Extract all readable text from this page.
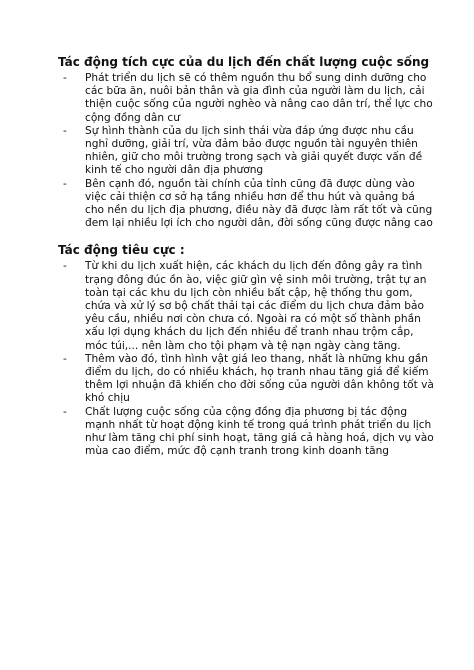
Tác động tích cực của du lịch đến chất lượng cuộc sống
- Phát triển du lịch sẽ có thêm nguồn thu bổ sung dinh dưỡng cho các bữa ăn, nuôi bản thân và gia đình của người làm du lịch, cải thiện cuộc sống của người nghèo và nâng cao dân trí, thể lực cho cộng đồng dân cư
- Sự hình thành của du lịch sinh thái vừa đáp ứng được nhu cầu nghỉ dưỡng, giải trí, vừa đảm bảo được nguồn tài nguyên thiên nhiên, giữ cho môi trường trong sạch và giải quyết được vấn đề kinh tế cho người dân địa phương
- Bên cạnh đó, nguồn tài chính của tỉnh cũng đã được dùng vào việc cải thiện cơ sở hạ tầng nhiều hơn để thu hút và quảng bá cho nền du lịch địa phương, điều này đã được làm rất tốt và cũng đem lại nhiều lợi ích cho người dân, đời sống cũng được nâng cao
Tác động tiêu cực :
- Từ khi du lịch xuất hiện, các khách du lịch đến đông gây ra tình trạng đông đúc ồn ào, việc giữ gìn vệ sinh môi trường, trật tự an toàn tại các khu du lịch còn nhiều bất cập, hệ thống thu gom, chứa và xử lý sơ bộ chất thải tại các điểm du lịch chưa đảm bảo yêu cầu, nhiều nơi còn chưa có. Ngoài ra có một số thành phần xấu lợi dụng khách du lịch đến nhiều để tranh nhau trộm cắp, móc túi,... nên làm cho tội phạm và tệ nạn ngày càng tăng.
- Thêm vào đó, tình hình vật giá leo thang, nhất là những khu gần điểm du lịch, do có nhiều khách, họ tranh nhau tăng giá để kiếm thêm lợi nhuận đã khiến cho đời sống của người dân không tốt và khó chịu
- Chất lượng cuộc sống của cộng đồng địa phương bị tác động mạnh nhất từ hoạt động kinh tế trong quá trình phát triển du lịch như làm tăng chi phí sinh hoạt, tăng giá cả hàng hoá, dịch vụ vào mùa cao điểm, mức độ cạnh tranh trong kinh doanh tăng
